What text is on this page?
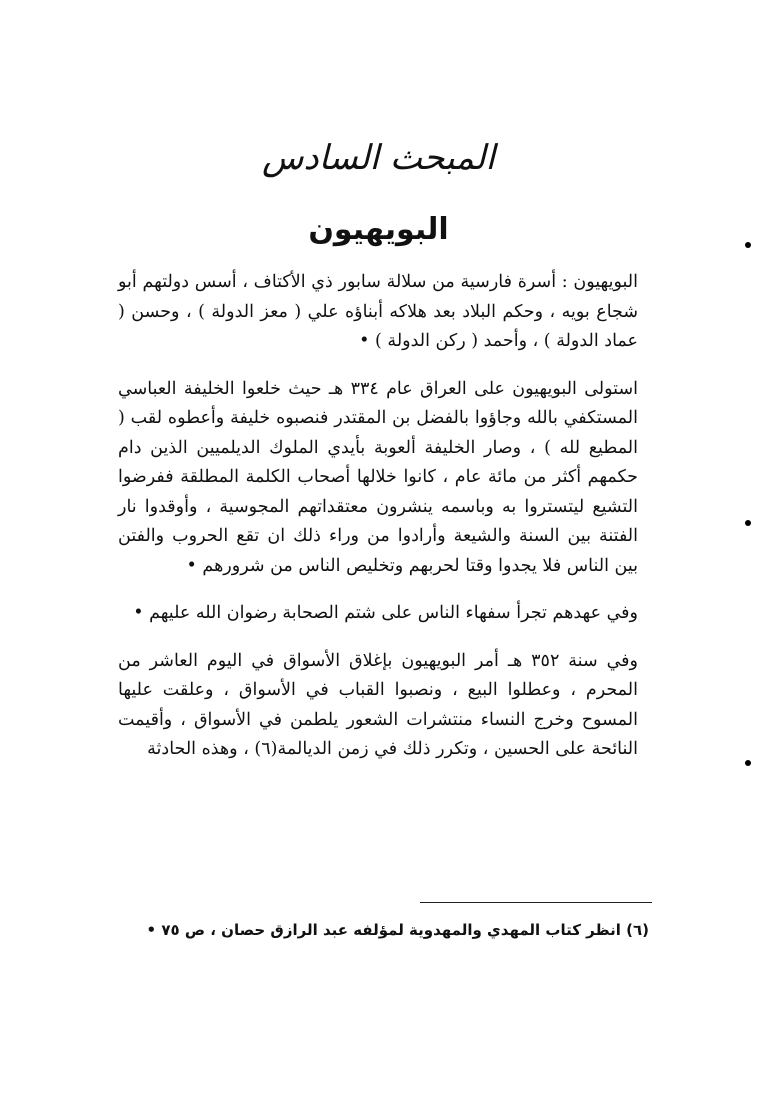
المبحث السادس
البويهيون

البويهيون : أسرة فارسية من سلالة سابور ذي الأكتاف ، أسس دولتهم أبو شجاع بويه ، وحكم البلاد بعد هلاكه أبناؤه علي ( معز الدولة ) ، وحسن ( عماد الدولة ) ، وأحمد ( ركن الدولة ) •

استولى البويهيون على العراق عام ٣٣٤ هـ حيث خلعوا الخليفة العباسي المستكفي بالله وجاؤوا بالفضل بن المقتدر فنصبوه خليفة وأعطوه لقب ( المطيع لله ) ، وصار الخليفة ألعوبة بأيدي الملوك الديلميين الذين دام حكمهم أكثر من مائة عام ، كانوا خلالها أصحاب الكلمة المطلقة ففرضوا التشيع ليتستروا به وباسمه ينشرون معتقداتهم المجوسية ، وأوقدوا نار الفتنة بين السنة والشيعة وأرادوا من وراء ذلك ان تقع الحروب والفتن بين الناس فلا يجدوا وقتا لحربهم وتخليص الناس من شرورهم •

وفي عهدهم تجرأ سفهاء الناس على شتم الصحابة رضوان الله عليهم •

وفي سنة ٣٥٢ هـ أمر البويهيون بإغلاق الأسواق في اليوم العاشر من المحرم ، وعطلوا البيع ، ونصبوا القباب في الأسواق ، وعلقت عليها المسوح وخرج النساء منتشرات الشعور يلطمن في الأسواق ، وأقيمت النائحة على الحسين ، وتكرر ذلك في زمن الديالمة(٦) ، وهذه الحادثة

(٦) انظر كتاب المهدي والمهدوية لمؤلفه عبد الرازق حصان ، ص ٧٥ •
